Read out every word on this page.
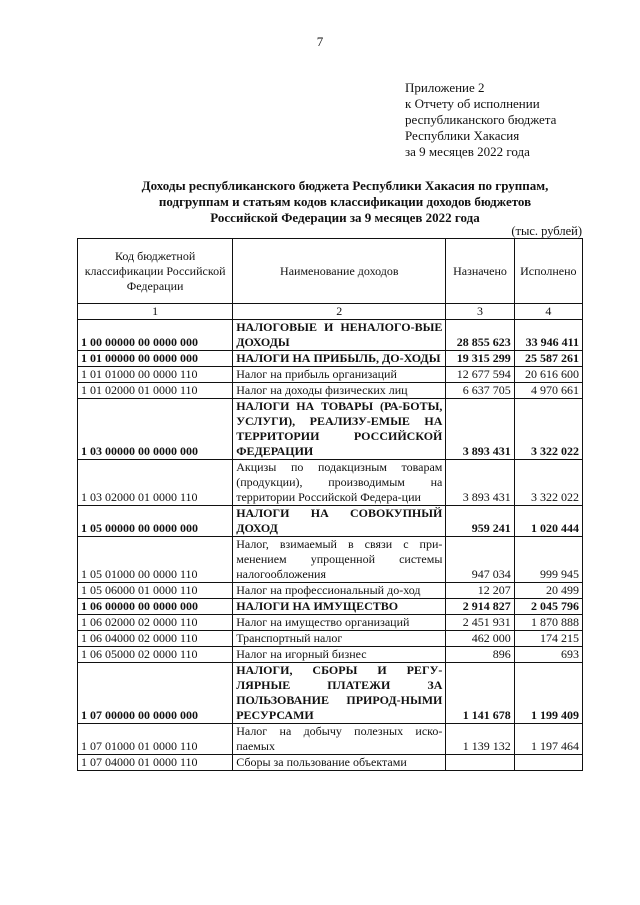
7
Приложение 2
к Отчету об исполнении
республиканского бюджета
Республики Хакасия
за 9 месяцев 2022 года
Доходы республиканского бюджета Республики Хакасия по группам,
подгруппам и статьям кодов классификации доходов бюджетов
Российской Федерации за 9 месяцев 2022 года
(тыс. рублей)
Код бюджетной классификации Российской Федерации	Наименование доходов	Назначено	Исполнено
1	2	3	4
1 00 00000 00 0000 000	НАЛОГОВЫЕ И НЕНАЛОГО-ВЫЕ ДОХОДЫ	28 855 623	33 946 411
1 01 00000 00 0000 000	НАЛОГИ НА ПРИБЫЛЬ, ДО-ХОДЫ	19 315 299	25 587 261
1 01 01000 00 0000 110	Налог на прибыль организаций	12 677 594	20 616 600
1 01 02000 01 0000 110	Налог на доходы физических лиц	6 637 705	4 970 661
1 03 00000 00 0000 000	НАЛОГИ НА ТОВАРЫ (РА-БОТЫ, УСЛУГИ), РЕАЛИЗУ-ЕМЫЕ НА ТЕРРИТОРИИ РОССИЙСКОЙ ФЕДЕРАЦИИ	3 893 431	3 322 022
1 03 02000 01 0000 110	Акцизы по подакцизным товарам (продукции), производимым на территории Российской Федера-ции	3 893 431	3 322 022
1 05 00000 00 0000 000	НАЛОГИ НА СОВОКУПНЫЙ ДОХОД	959 241	1 020 444
1 05 01000 00 0000 110	Налог, взимаемый в связи с при-менением упрощенной системы налогообложения	947 034	999 945
1 05 06000 01 0000 110	Налог на профессиональный до-ход	12 207	20 499
1 06 00000 00 0000 000	НАЛОГИ НА ИМУЩЕСТВО	2 914 827	2 045 796
1 06 02000 02 0000 110	Налог на имущество организаций	2 451 931	1 870 888
1 06 04000 02 0000 110	Транспортный налог	462 000	174 215
1 06 05000 02 0000 110	Налог на игорный бизнес	896	693
1 07 00000 00 0000 000	НАЛОГИ, СБОРЫ И РЕГУ-ЛЯРНЫЕ ПЛАТЕЖИ ЗА ПОЛЬЗОВАНИЕ ПРИРОД-НЫМИ РЕСУРСАМИ	1 141 678	1 199 409
1 07 01000 01 0000 110	Налог на добычу полезных иско-паемых	1 139 132	1 197 464
1 07 04000 01 0000 110	Сборы за пользование объектами		
